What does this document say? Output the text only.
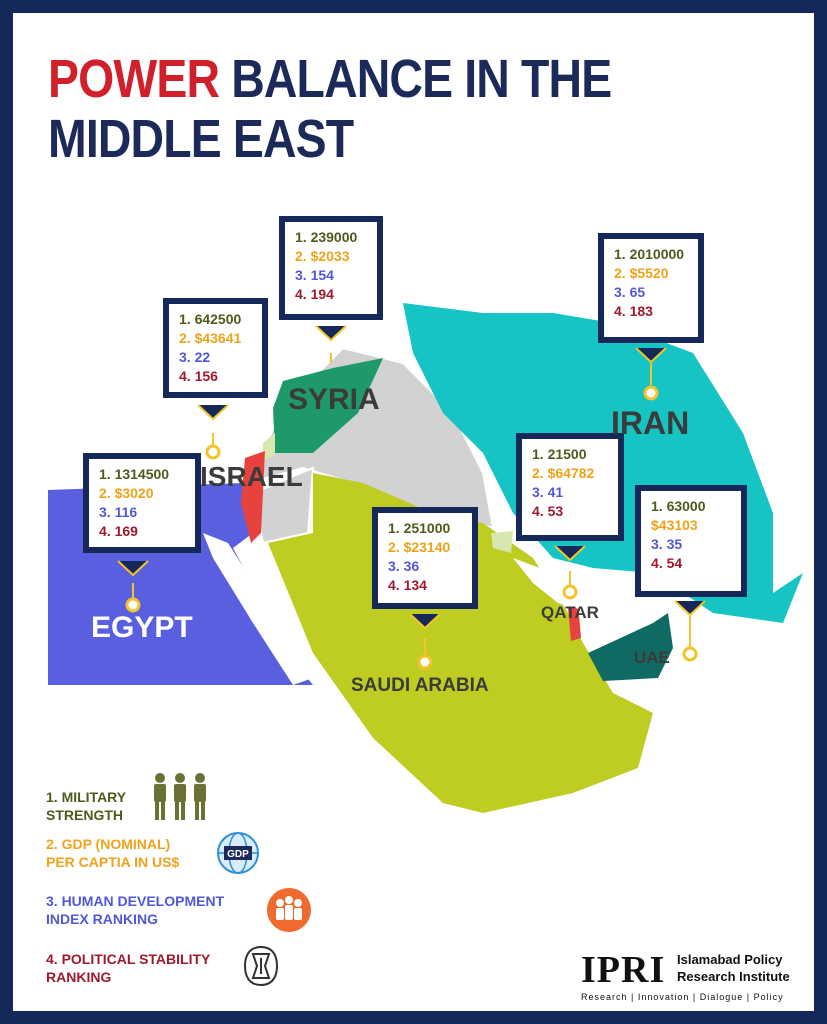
POWER BALANCE IN THE
MIDDLE EAST
1. 1314500
2. $3020
3. 116
4. 169
1. 642500
2. $43641
3. 22
4. 156
1. 239000
2. $2033
3. 154
4. 194
1. 2010000
2. $5520
3. 65
4. 183
1. 251000
2. $23140
3. 36
4. 134
1. 21500
2. $64782
3. 41
4. 53	1. 63000
$43103
3. 35
4. 54
EGYPT
ISRAEL
SYRIA
IRAN
SAUDI ARABIA
QATAR
UAE
1. MILITARY
STRENGTH
2. GDP (NOMINAL)
PER CAPTIA IN US$	GDP
3. HUMAN DEVELOPMENT
INDEX RANKING
4. POLITICAL STABILITY
RANKING	IPRI Islamabad Policy
Research Institute
Research | Innovation | Dialogue | Policy
